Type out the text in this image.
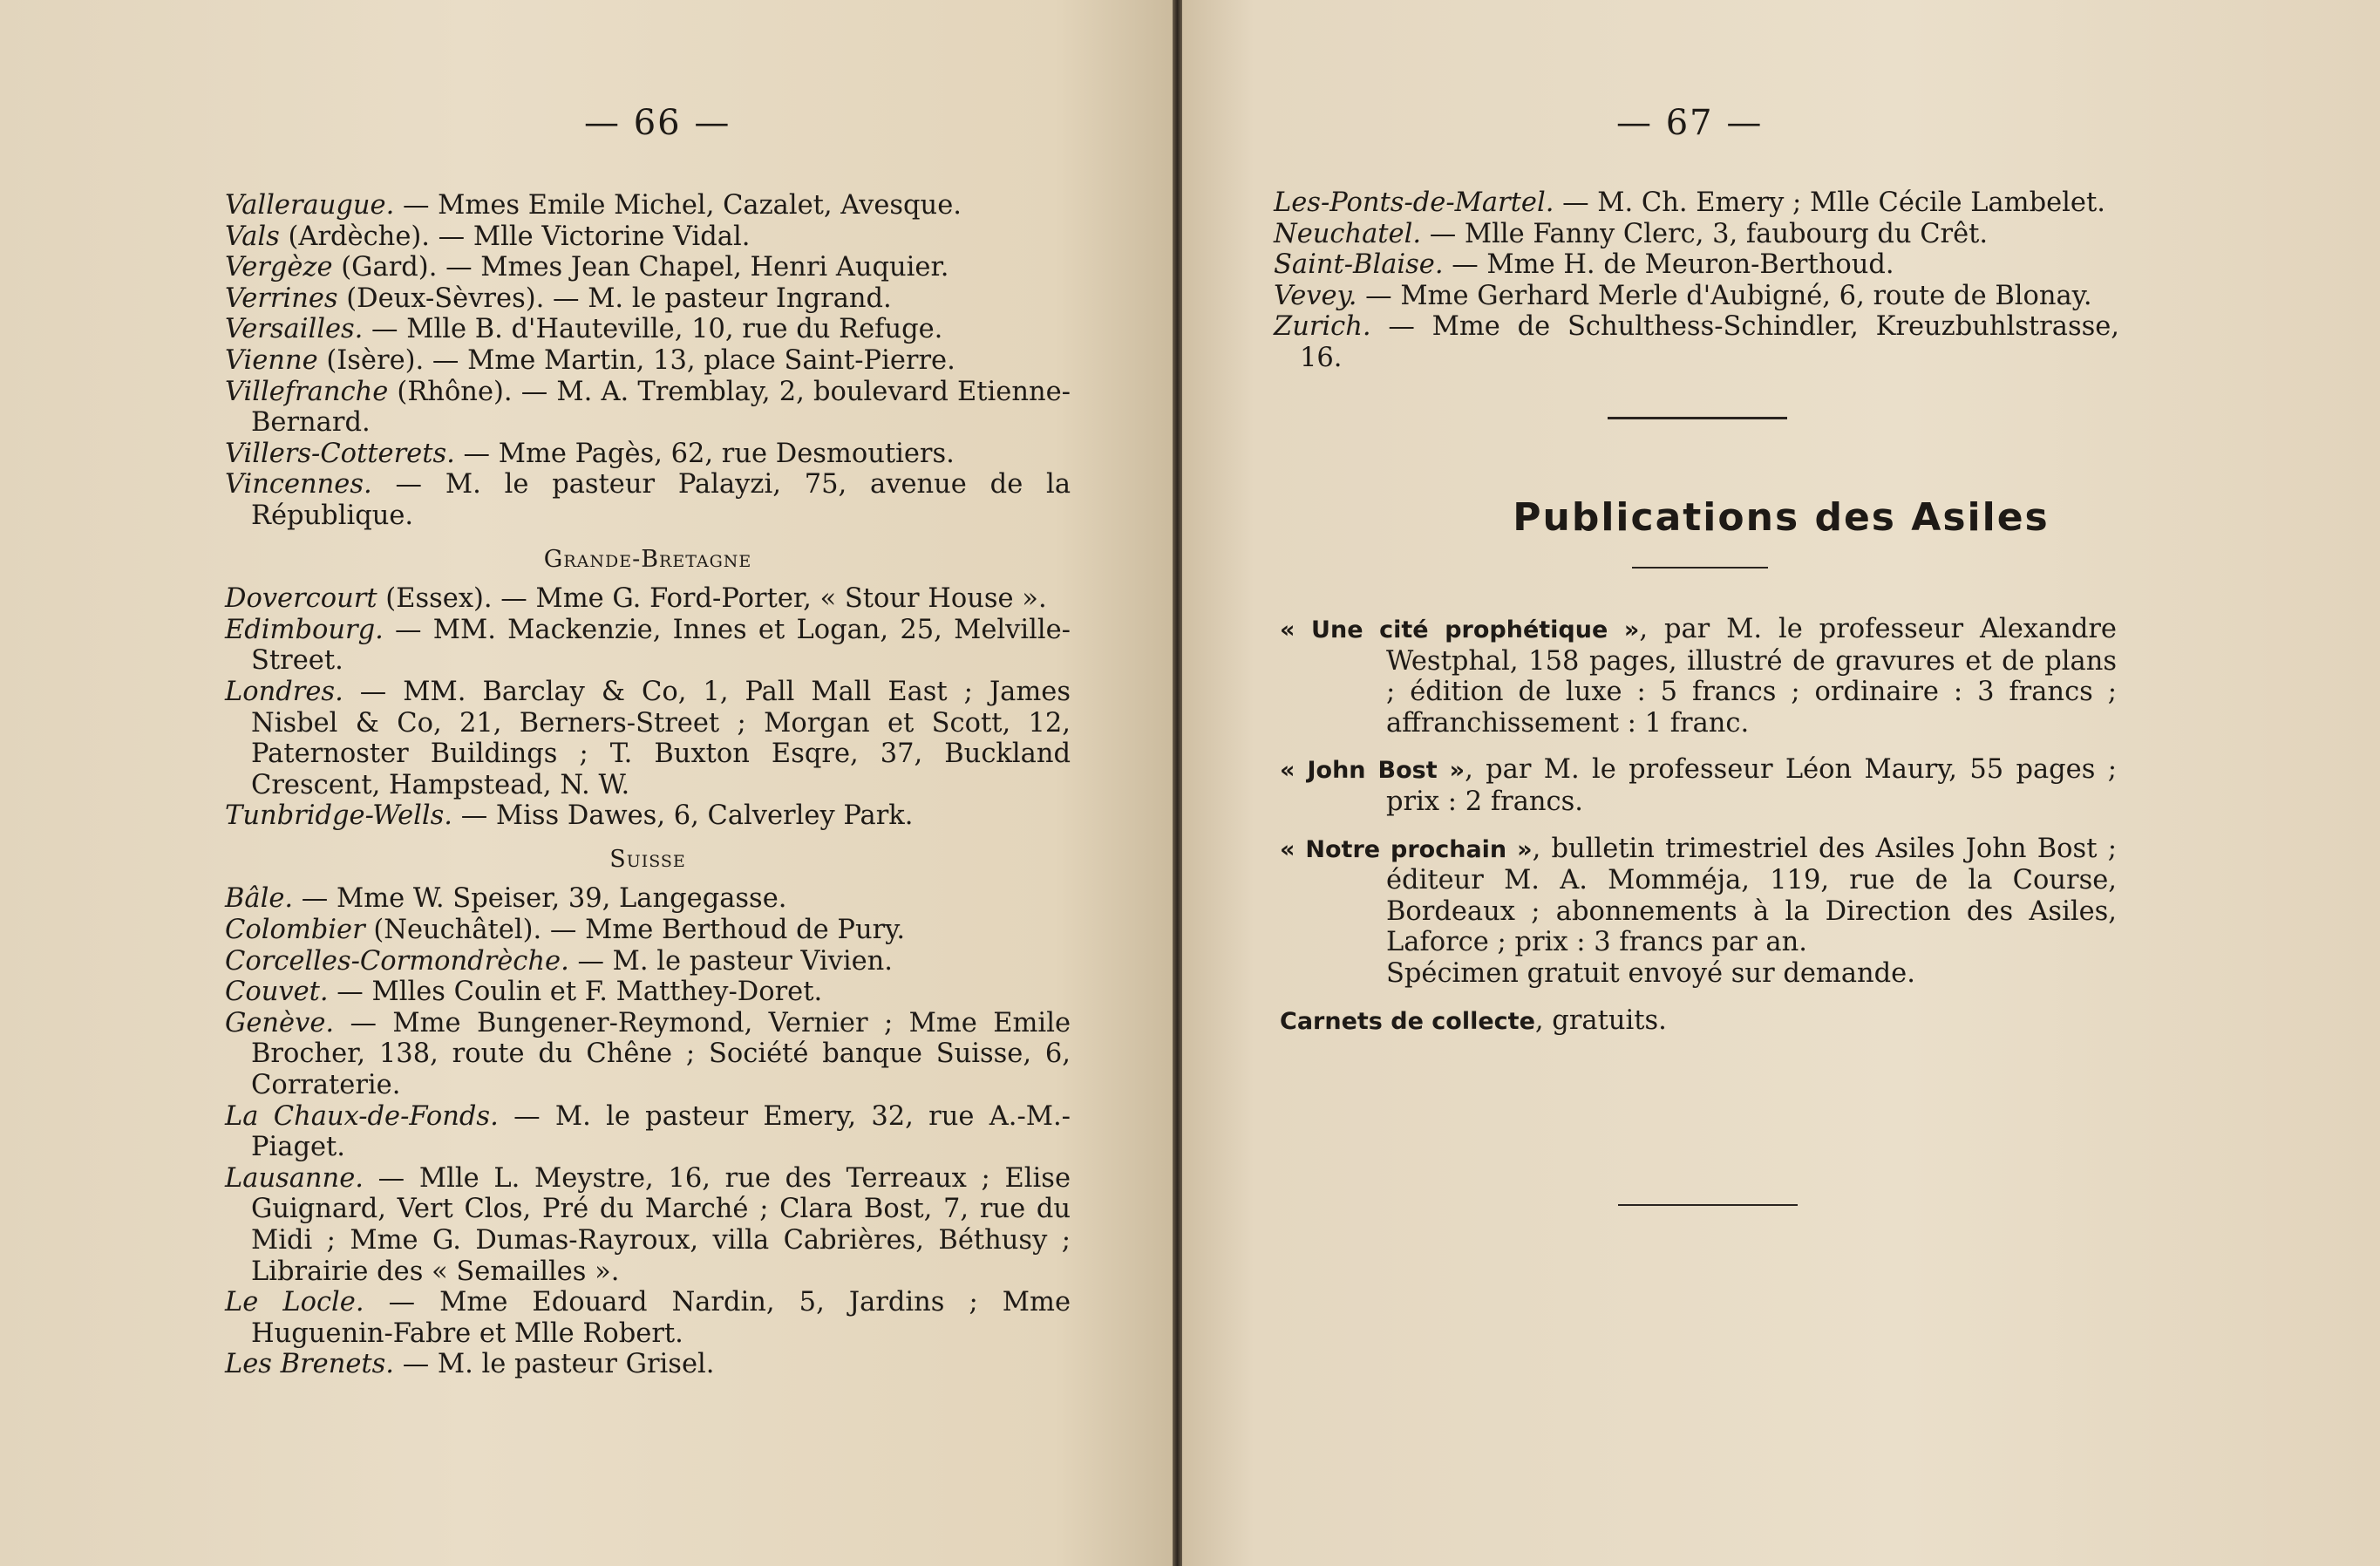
— 66 —
Valleraugue. — Mmes Emile Michel, Cazalet, Avesque.
Vals (Ardèche). — Mlle Victorine Vidal.
Vergèze (Gard). — Mmes Jean Chapel, Henri Auquier.
Verrines (Deux-Sèvres). — M. le pasteur Ingrand.
Versailles. — Mlle B. d'Hauteville, 10, rue du Refuge.
Vienne (Isère). — Mme Martin, 13, place Saint-Pierre.
Villefranche (Rhône). — M. A. Tremblay, 2, boulevard Etienne-Bernard.
Villers-Cotterets. — Mme Pagès, 62, rue Desmoutiers.
Vincennes. — M. le pasteur Palayzi, 75, avenue de la République.
Grande-Bretagne
Dovercourt (Essex). — Mme G. Ford-Porter, « Stour House ».
Edimbourg. — MM. Mackenzie, Innes et Logan, 25, Melville-Street.
Londres. — MM. Barclay & Co, 1, Pall Mall East ; James Nisbel & Co, 21, Berners-Street ; Morgan et Scott, 12, Paternoster Buildings ; T. Buxton Esqre, 37, Buckland Crescent, Hampstead, N. W.
Tunbridge-Wells. — Miss Dawes, 6, Calverley Park.
Suisse
Bâle. — Mme W. Speiser, 39, Langegasse.
Colombier (Neuchâtel). — Mme Berthoud de Pury.
Corcelles-Cormondrèche. — M. le pasteur Vivien.
Couvet. — Mlles Coulin et F. Matthey-Doret.
Genève. — Mme Bungener-Reymond, Vernier ; Mme Emile Brocher, 138, route du Chêne ; Société banque Suisse, 6, Corraterie.
La Chaux-de-Fonds. — M. le pasteur Emery, 32, rue A.-M.-Piaget.
Lausanne. — Mlle L. Meystre, 16, rue des Terreaux ; Elise Guignard, Vert Clos, Pré du Marché ; Clara Bost, 7, rue du Midi ; Mme G. Dumas-Rayroux, villa Cabrières, Béthusy ; Librairie des « Semailles ».
Le Locle. — Mme Edouard Nardin, 5, Jardins ; Mme Huguenin-Fabre et Mlle Robert.
Les Brenets. — M. le pasteur Grisel.
— 67 —
Les-Ponts-de-Martel. — M. Ch. Emery ; Mlle Cécile Lambelet.
Neuchatel. — Mlle Fanny Clerc, 3, faubourg du Crêt.
Saint-Blaise. — Mme H. de Meuron-Berthoud.
Vevey. — Mme Gerhard Merle d'Aubigné, 6, route de Blonay.
Zurich. — Mme de Schulthess-Schindler, Kreuzbuhlstrasse, 16.
Publications des Asiles
« Une cité prophétique », par M. le professeur Alexandre Westphal, 158 pages, illustré de gravures et de plans ; édition de luxe : 5 francs ; ordinaire : 3 francs ; affranchissement : 1 franc.
« John Bost », par M. le professeur Léon Maury, 55 pages ; prix : 2 francs.
« Notre prochain », bulletin trimestriel des Asiles John Bost ; éditeur M. A. Momméja, 119, rue de la Course, Bordeaux ; abonnements à la Direction des Asiles, Laforce ; prix : 3 francs par an.
Spécimen gratuit envoyé sur demande.
Carnets de collecte, gratuits.
